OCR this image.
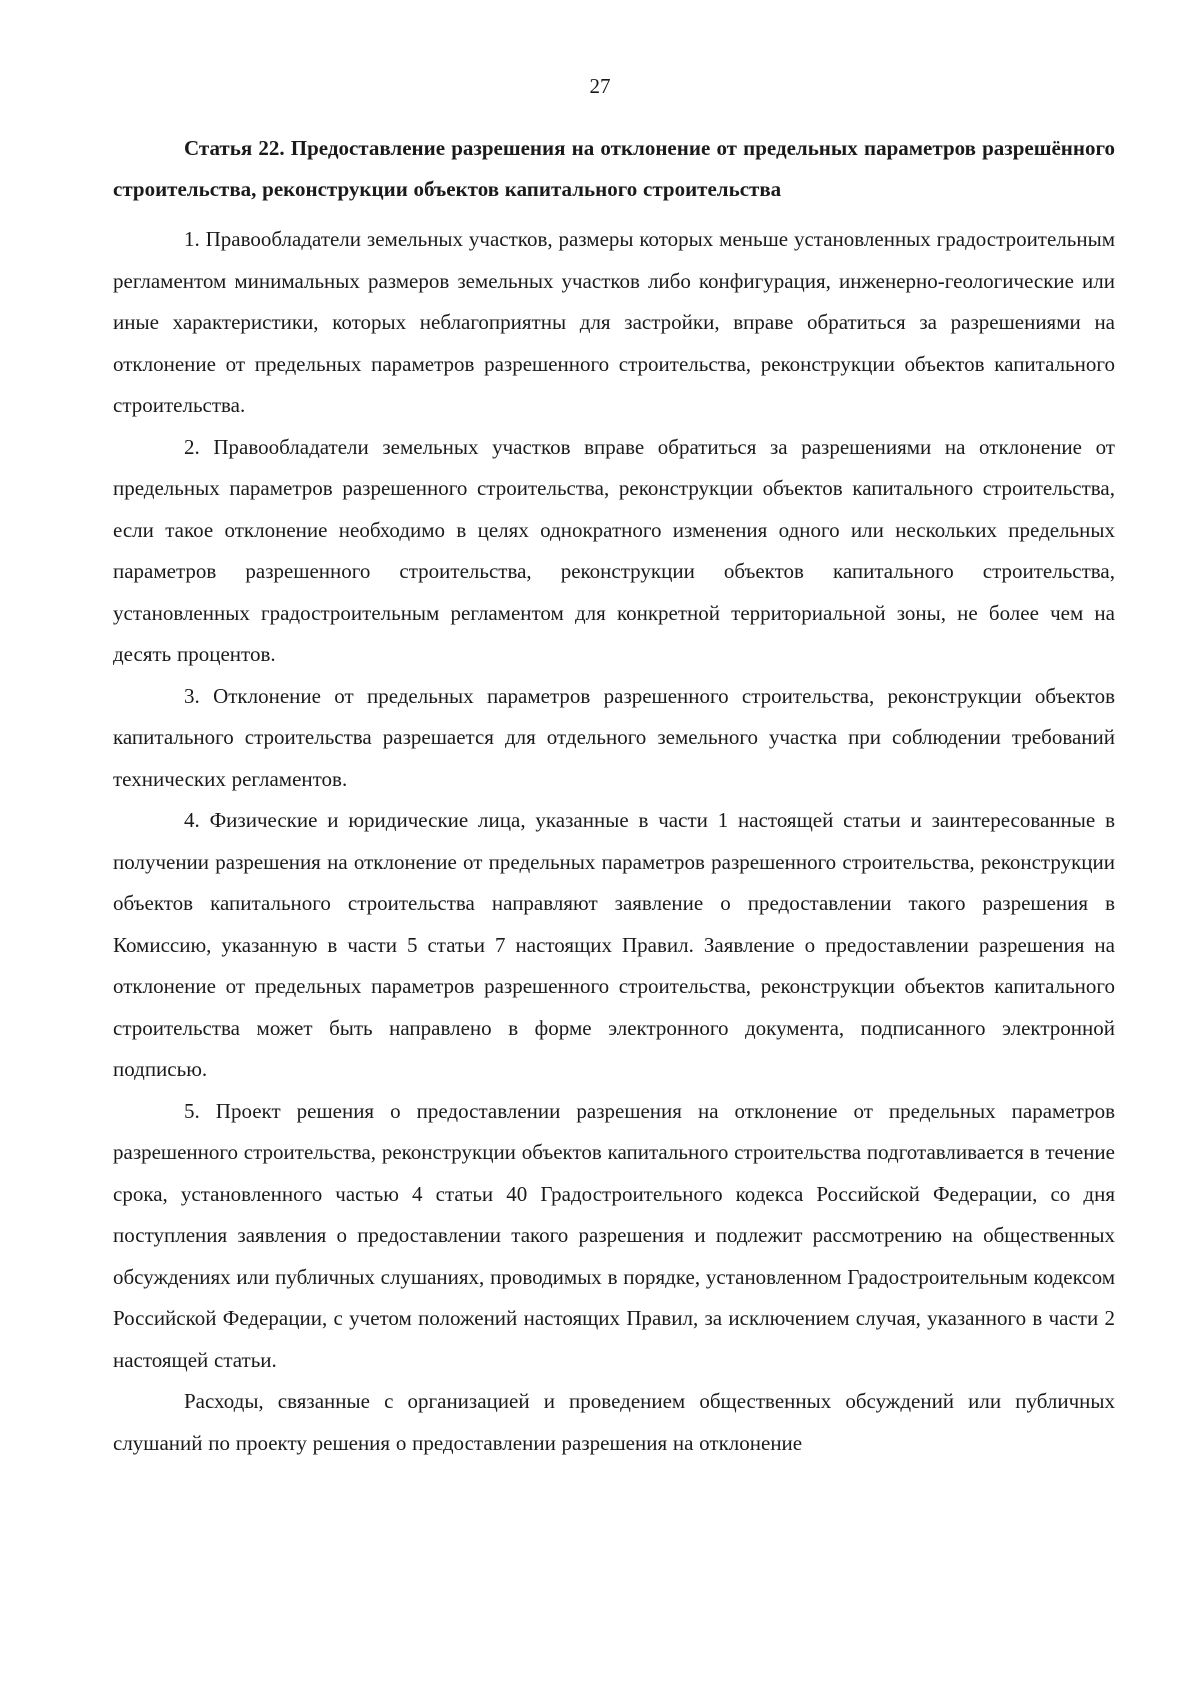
27

Статья 22. Предоставление разрешения на отклонение от предельных параметров разрешённого строительства, реконструкции объектов капитального строительства

1. Правообладатели земельных участков, размеры которых меньше установленных градостроительным регламентом минимальных размеров земельных участков либо конфигурация, инженерно-геологические или иные характеристики, которых неблагоприятны для застройки, вправе обратиться за разрешениями на отклонение от предельных параметров разрешенного строительства, реконструкции объектов капитального строительства.

2. Правообладатели земельных участков вправе обратиться за разрешениями на отклонение от предельных параметров разрешенного строительства, реконструкции объектов капитального строительства, если такое отклонение необходимо в целях однократного изменения одного или нескольких предельных параметров разрешенного строительства, реконструкции объектов капитального строительства, установленных градостроительным регламентом для конкретной территориальной зоны, не более чем на десять процентов.

3. Отклонение от предельных параметров разрешенного строительства, реконструкции объектов капитального строительства разрешается для отдельного земельного участка при соблюдении требований технических регламентов.

4. Физические и юридические лица, указанные в части 1 настоящей статьи и заинтересованные в получении разрешения на отклонение от предельных параметров разрешенного строительства, реконструкции объектов капитального строительства направляют заявление о предоставлении такого разрешения в Комиссию, указанную в части 5 статьи 7 настоящих Правил. Заявление о предоставлении разрешения на отклонение от предельных параметров разрешенного строительства, реконструкции объектов капитального строительства может быть направлено в форме электронного документа, подписанного электронной подписью.

5. Проект решения о предоставлении разрешения на отклонение от предельных параметров разрешенного строительства, реконструкции объектов капитального строительства подготавливается в течение срока, установленного частью 4 статьи 40 Градостроительного кодекса Российской Федерации, со дня поступления заявления о предоставлении такого разрешения и подлежит рассмотрению на общественных обсуждениях или публичных слушаниях, проводимых в порядке, установленном Градостроительным кодексом Российской Федерации, с учетом положений настоящих Правил, за исключением случая, указанного в части 2 настоящей статьи.

Расходы, связанные с организацией и проведением общественных обсуждений или публичных слушаний по проекту решения о предоставлении разрешения на отклонение
